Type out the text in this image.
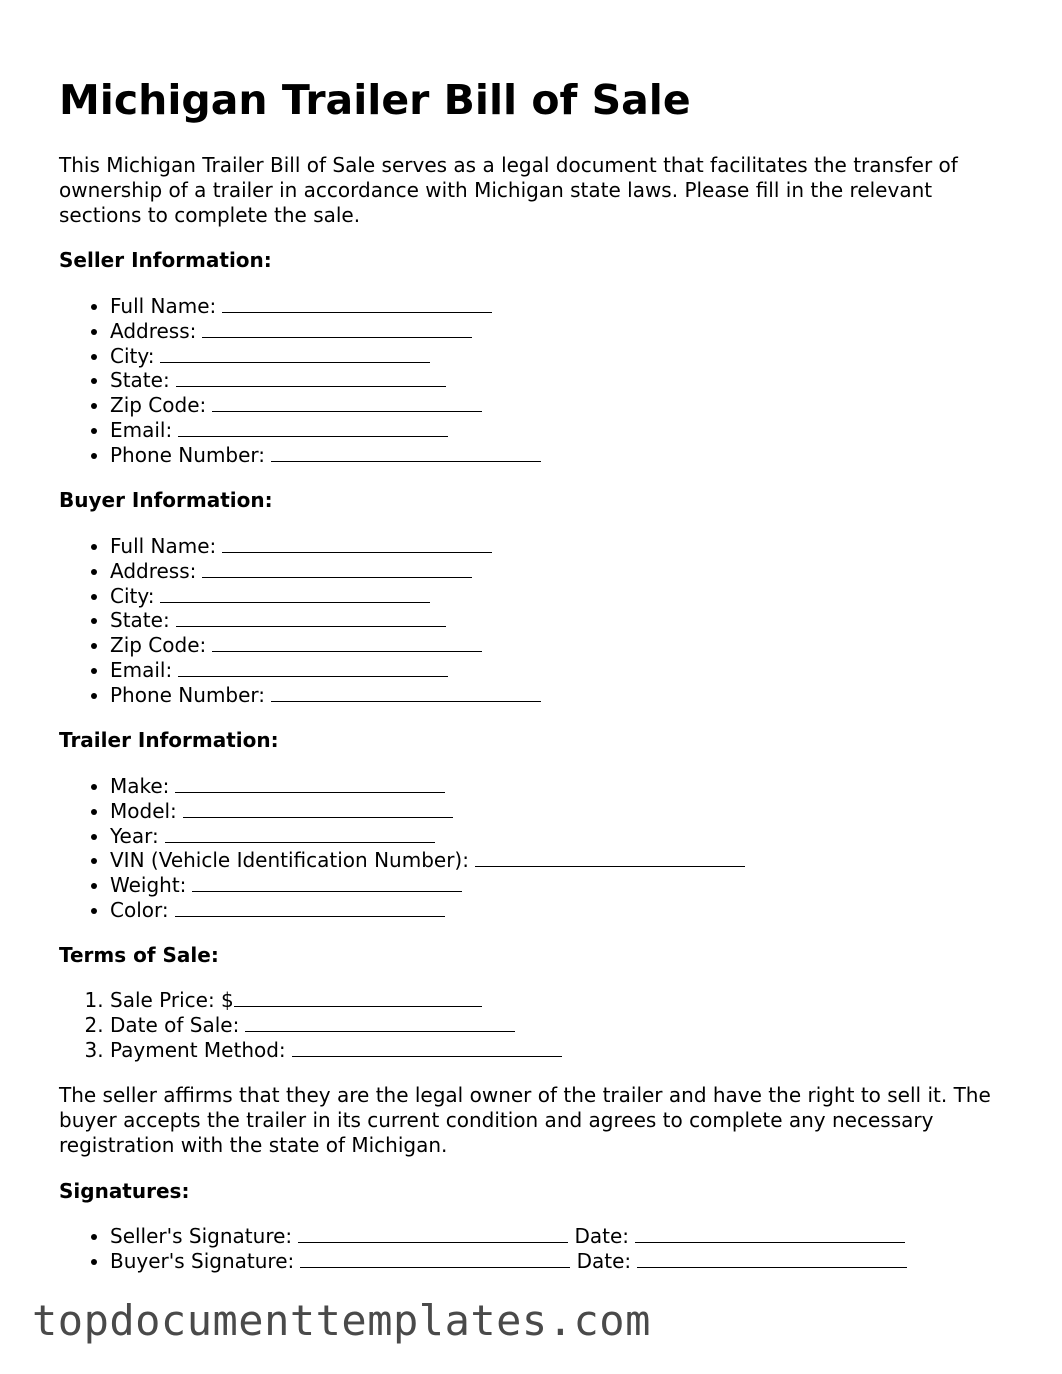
Michigan Trailer Bill of Sale

This Michigan Trailer Bill of Sale serves as a legal document that facilitates the transfer of ownership of a trailer in accordance with Michigan state laws. Please fill in the relevant sections to complete the sale.

Seller Information:
• Full Name:
• Address:
• City:
• State:
• Zip Code:
• Email:
• Phone Number:
Buyer Information:
• Full Name:
• Address:
• City:
• State:
• Zip Code:
• Email:
• Phone Number:
Trailer Information:
• Make:
• Model:
• Year:
• VIN (Vehicle Identification Number):
• Weight:
• Color:
Terms of Sale:
1. Sale Price: $
2. Date of Sale:
3. Payment Method:

The seller affirms that they are the legal owner of the trailer and have the right to sell it. The buyer accepts the trailer in its current condition and agrees to complete any necessary registration with the state of Michigan.

Signatures:
• Seller's Signature:	Date:
• Buyer's Signature:	Date:
topdocumenttemplates.com
